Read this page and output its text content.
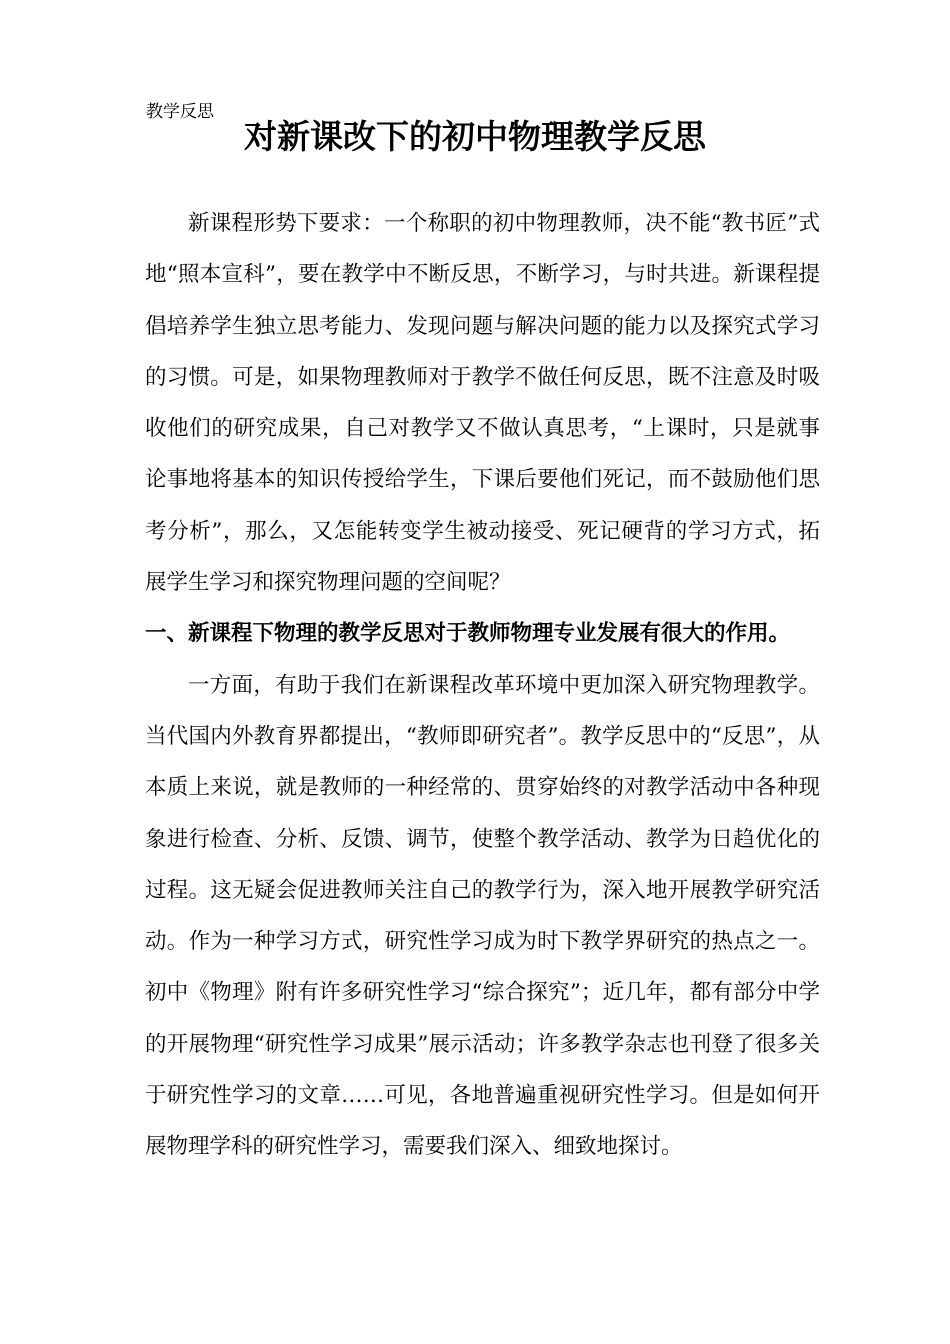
教学反思
对新课改下的初中物理教学反思

新课程形势下要求：一个称职的初中物理教师，决不能“教书匠”式地“照本宣科”，要在教学中不断反思，不断学习，与时共进。新课程提倡培养学生独立思考能力、发现问题与解决问题的能力以及探究式学习的习惯。可是，如果物理教师对于教学不做任何反思，既不注意及时吸收他们的研究成果，自己对教学又不做认真思考，“上课时，只是就事论事地将基本的知识传授给学生，下课后要他们死记，而不鼓励他们思考分析”，那么，又怎能转变学生被动接受、死记硬背的学习方式，拓展学生学习和探究物理问题的空间呢？

一、新课程下物理的教学反思对于教师物理专业发展有很大的作用。

一方面，有助于我们在新课程改革环境中更加深入研究物理教学。当代国内外教育界都提出，“教师即研究者”。教学反思中的“反思”，从本质上来说，就是教师的一种经常的、贯穿始终的对教学活动中各种现象进行检查、分析、反馈、调节，使整个教学活动、教学为日趋优化的过程。这无疑会促进教师关注自己的教学行为，深入地开展教学研究活动。作为一种学习方式，研究性学习成为时下教学界研究的热点之一。初中《物理》附有许多研究性学习“综合探究”；近几年，都有部分中学的开展物理“研究性学习成果”展示活动；许多教学杂志也刊登了很多关于研究性学习的文章……可见，各地普遍重视研究性学习。但是如何开展物理学科的研究性学习，需要我们深入、细致地探讨。
